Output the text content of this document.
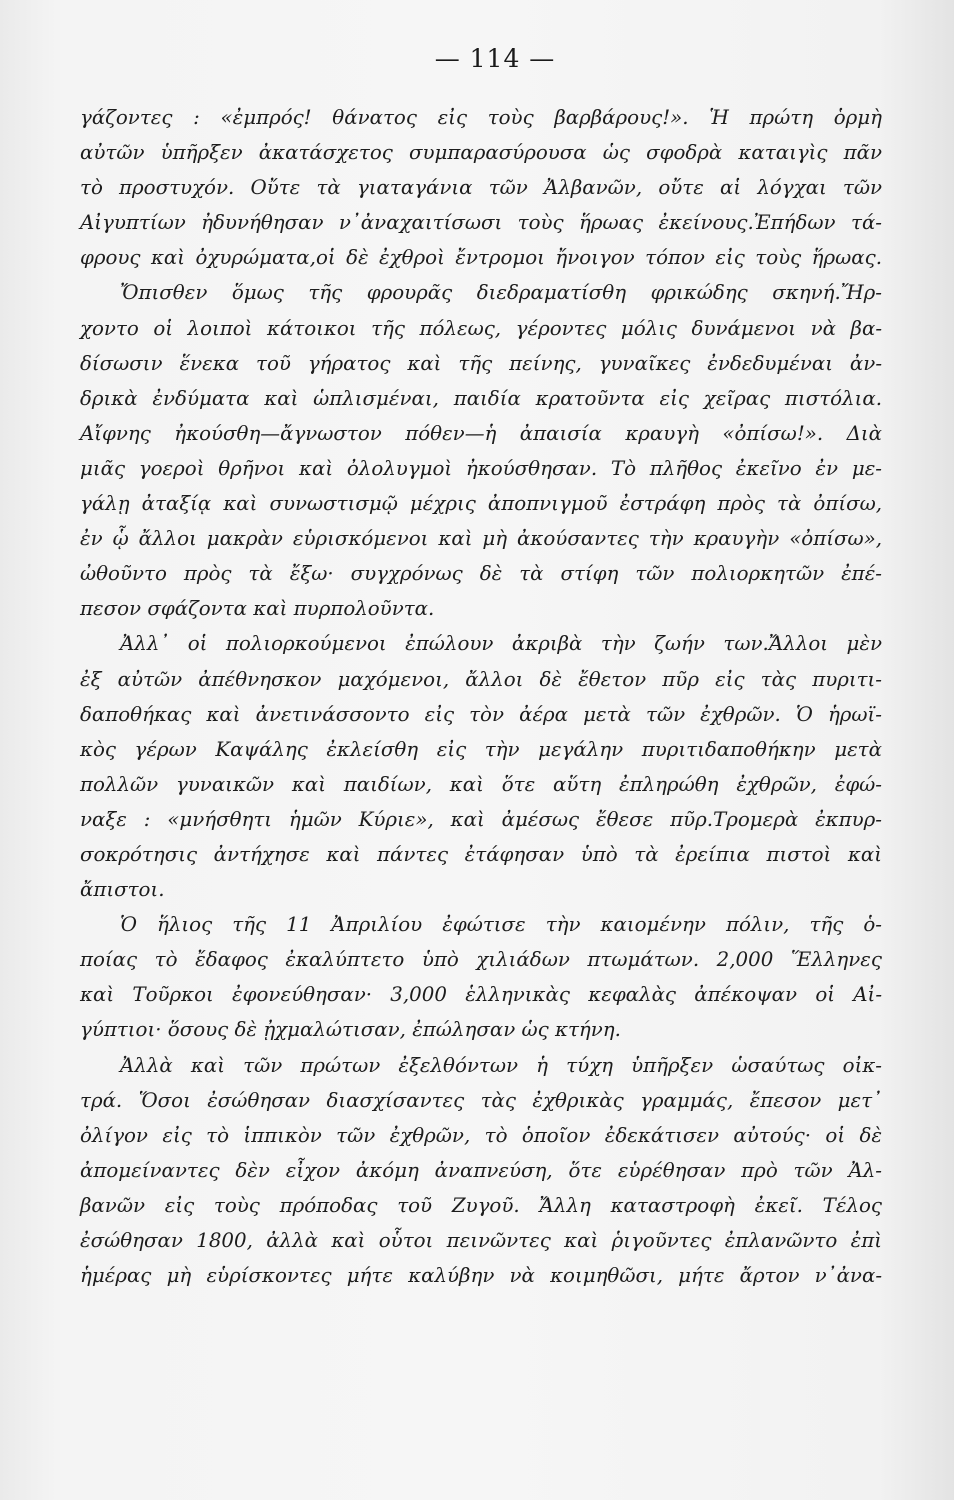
— 114 —
γάζοντες : «ἐμπρός! θάνατος εἰς τοὺς βαρβάρους!». Ἡ πρώτη ὁρμὴ
αὐτῶν ὑπῆρξεν ἀκατάσχετος συμπαρασύρουσα ὡς σφοδρὰ καταιγὶς πᾶν
τὸ προστυχόν. Οὔτε τὰ γιαταγάνια τῶν Ἀλβανῶν, οὔτε αἱ λόγχαι τῶν
Αἰγυπτίων ἠδυνήθησαν ν᾿ἀναχαιτίσωσι τοὺς ἥρωας ἐκείνους.Ἐπήδων τά-
φρους καὶ ὀχυρώματα,οἱ δὲ ἐχθροὶ ἔντρομοι ἤνοιγον τόπον εἰς τοὺς ἥρωας.
Ὄπισθεν ὅμως τῆς φρουρᾶς διεδραματίσθη φρικώδης σκηνή.Ἤρ-
χοντο οἱ λοιποὶ κάτοικοι τῆς πόλεως, γέροντες μόλις δυνάμενοι νὰ βα-
δίσωσιν ἕνεκα τοῦ γήρατος καὶ τῆς πείνης, γυναῖκες ἐνδεδυμέναι ἀν-
δρικὰ ἐνδύματα καὶ ὡπλισμέναι, παιδία κρατοῦντα εἰς χεῖρας πιστόλια.
Αἴφνης ἠκούσθη—ἄγνωστον πόθεν—ἡ ἀπαισία κραυγὴ «ὀπίσω!». Διὰ
μιᾶς γοεροὶ θρῆνοι καὶ ὀλολυγμοὶ ἠκούσθησαν. Τὸ πλῆθος ἐκεῖνο ἐν με-
γάλῃ ἀταξίᾳ καὶ συνωστισμῷ μέχρις ἀποπνιγμοῦ ἐστράφη πρὸς τὰ ὀπίσω,
ἐν ᾧ ἄλλοι μακρὰν εὑρισκόμενοι καὶ μὴ ἀκούσαντες τὴν κραυγὴν «ὀπίσω»,
ὠθοῦντο πρὸς τὰ ἔξω· συγχρόνως δὲ τὰ στίφη τῶν πολιορκητῶν ἐπέ-
πεσον σφάζοντα καὶ πυρπολοῦντα.
Ἀλλ᾿ οἱ πολιορκούμενοι ἐπώλουν ἀκριβὰ τὴν ζωήν των.Ἄλλοι μὲν
ἐξ αὐτῶν ἀπέθνησκον μαχόμενοι, ἄλλοι δὲ ἔθετον πῦρ εἰς τὰς πυριτι-
δαποθήκας καὶ ἀνετινάσσοντο εἰς τὸν ἀέρα μετὰ τῶν ἐχθρῶν. Ὁ ἡρωϊ-
κὸς γέρων Καψάλης ἐκλείσθη εἰς τὴν μεγάλην πυριτιδαποθήκην μετὰ
πολλῶν γυναικῶν καὶ παιδίων, καὶ ὅτε αὕτη ἐπληρώθη ἐχθρῶν, ἐφώ-
ναξε : «μνήσθητι ἡμῶν Κύριε», καὶ ἀμέσως ἔθεσε πῦρ.Τρομερὰ ἐκπυρ-
σοκρότησις ἀντήχησε καὶ πάντες ἐτάφησαν ὑπὸ τὰ ἐρείπια πιστοὶ καὶ
ἄπιστοι.
Ὁ ἥλιος τῆς 11 Ἀπριλίου ἐφώτισε τὴν καιομένην πόλιν, τῆς ὁ-
ποίας τὸ ἔδαφος ἐκαλύπτετο ὑπὸ χιλιάδων πτωμάτων. 2,000 Ἕλληνες
καὶ Τοῦρκοι ἐφονεύθησαν· 3,000 ἑλληνικὰς κεφαλὰς ἀπέκοψαν οἱ Αἰ-
γύπτιοι· ὅσους δὲ ᾐχμαλώτισαν, ἐπώλησαν ὡς κτήνη.
Ἀλλὰ καὶ τῶν πρώτων ἐξελθόντων ἡ τύχη ὑπῆρξεν ὡσαύτως οἰκ-
τρά. Ὅσοι ἐσώθησαν διασχίσαντες τὰς ἐχθρικὰς γραμμάς, ἔπεσον μετ᾿
ὀλίγον εἰς τὸ ἱππικὸν τῶν ἐχθρῶν, τὸ ὁποῖον ἐδεκάτισεν αὐτούς· οἱ δὲ
ἀπομείναντες δὲν εἶχον ἀκόμη ἀναπνεύση, ὅτε εὑρέθησαν πρὸ τῶν Ἀλ-
βανῶν εἰς τοὺς πρόποδας τοῦ Ζυγοῦ. Ἄλλη καταστροφὴ ἐκεῖ. Τέλος
ἐσώθησαν 1800, ἀλλὰ καὶ οὗτοι πεινῶντες καὶ ῥιγοῦντες ἐπλανῶντο ἐπὶ
ἡμέρας μὴ εὑρίσκοντες μήτε καλύβην νὰ κοιμηθῶσι, μήτε ἄρτον ν᾿ἀνα-
